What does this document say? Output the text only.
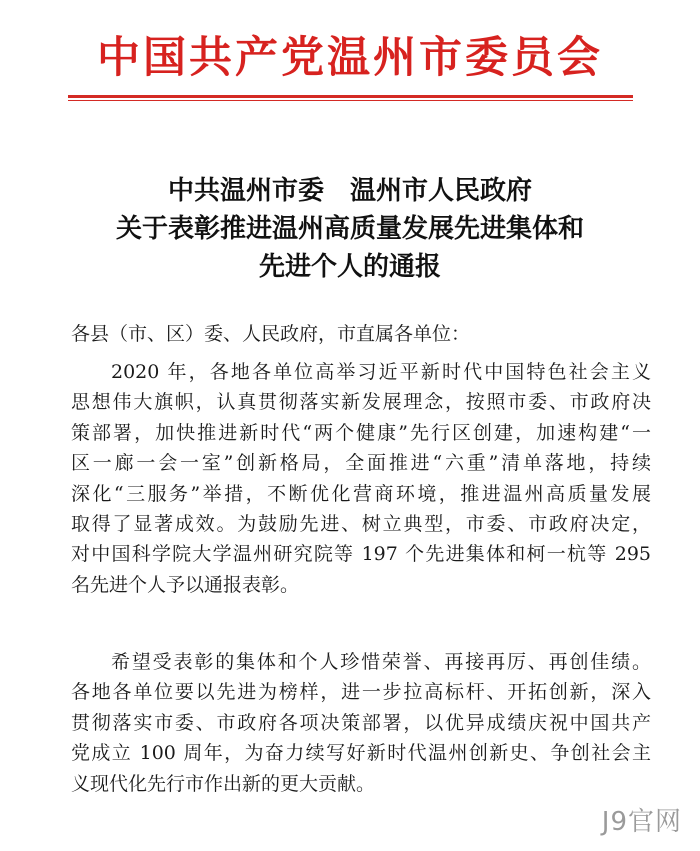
中国共产党温州市委员会
中共温州市委　温州市人民政府
关于表彰推进温州高质量发展先进集体和
先进个人的通报
各县（市、区）委、人民政府，市直属各单位：
2020 年，各地各单位高举习近平新时代中国特色社会主义
思想伟大旗帜，认真贯彻落实新发展理念，按照市委、市政府决
策部署，加快推进新时代“两个健康”先行区创建，加速构建“一
区一廊一会一室”创新格局，全面推进“六重”清单落地，持续
深化“三服务”举措，不断优化营商环境，推进温州高质量发展
取得了显著成效。为鼓励先进、树立典型，市委、市政府决定，
对中国科学院大学温州研究院等 197 个先进集体和柯一杭等 295
名先进个人予以通报表彰。
希望受表彰的集体和个人珍惜荣誉、再接再厉、再创佳绩。
各地各单位要以先进为榜样，进一步拉高标杆、开拓创新，深入
贯彻落实市委、市政府各项决策部署，以优异成绩庆祝中国共产
党成立 100 周年，为奋力续写好新时代温州创新史、争创社会主
义现代化先行市作出新的更大贡献。
J9官网
